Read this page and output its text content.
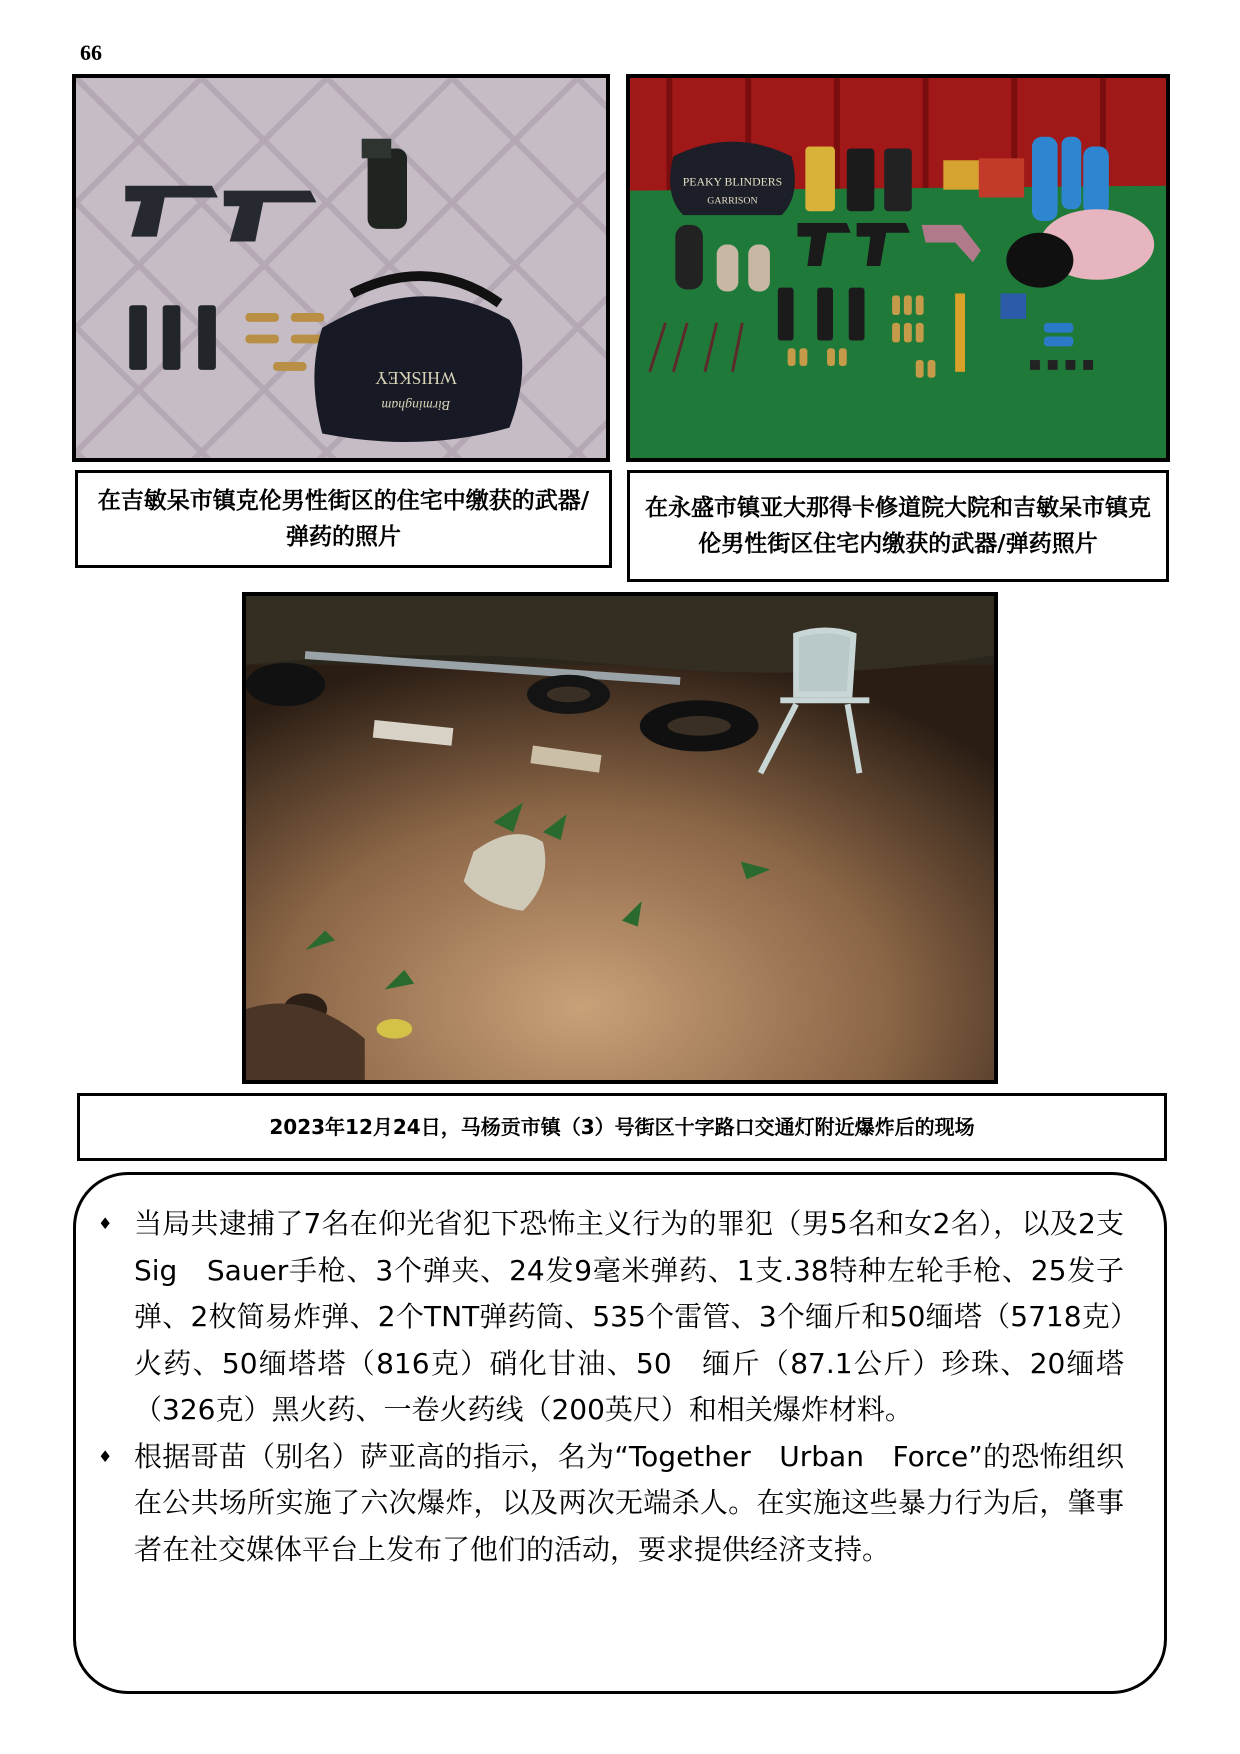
66
WHISKEY
Birmingham
PEAKY BLINDERS
GARRISON
在吉敏呆市镇克伦男性街区的住宅中缴获的武器/弹药的照片
在永盛市镇亚大那得卡修道院大院和吉敏呆市镇克伦男性街区住宅内缴获的武器/弹药照片
2023年12月24日，马杨贡市镇（3）号街区十字路口交通灯附近爆炸后的现场

♦ 当局共逮捕了7名在仰光省犯下恐怖主义行为的罪犯（男5名和女2名），以及2支Sig　Sauer手枪、3个弹夹、24发9毫米弹药、1支.38特种左轮手枪、25发子弹、2枚简易炸弹、2个TNT弹药筒、535个雷管、3个缅斤和50缅塔（5718克）火药、50缅塔塔（816克）硝化甘油、50　缅斤（87.1公斤）珍珠、20缅塔（326克）黑火药、一卷火药线（200英尺）和相关爆炸材料。

♦ 根据哥苗（别名）萨亚高的指示，名为“Together　Urban　Force”的恐怖组织在公共场所实施了六次爆炸，以及两次无端杀人。在实施这些暴力行为后，肇事者在社交媒体平台上发布了他们的活动，要求提供经济支持。
